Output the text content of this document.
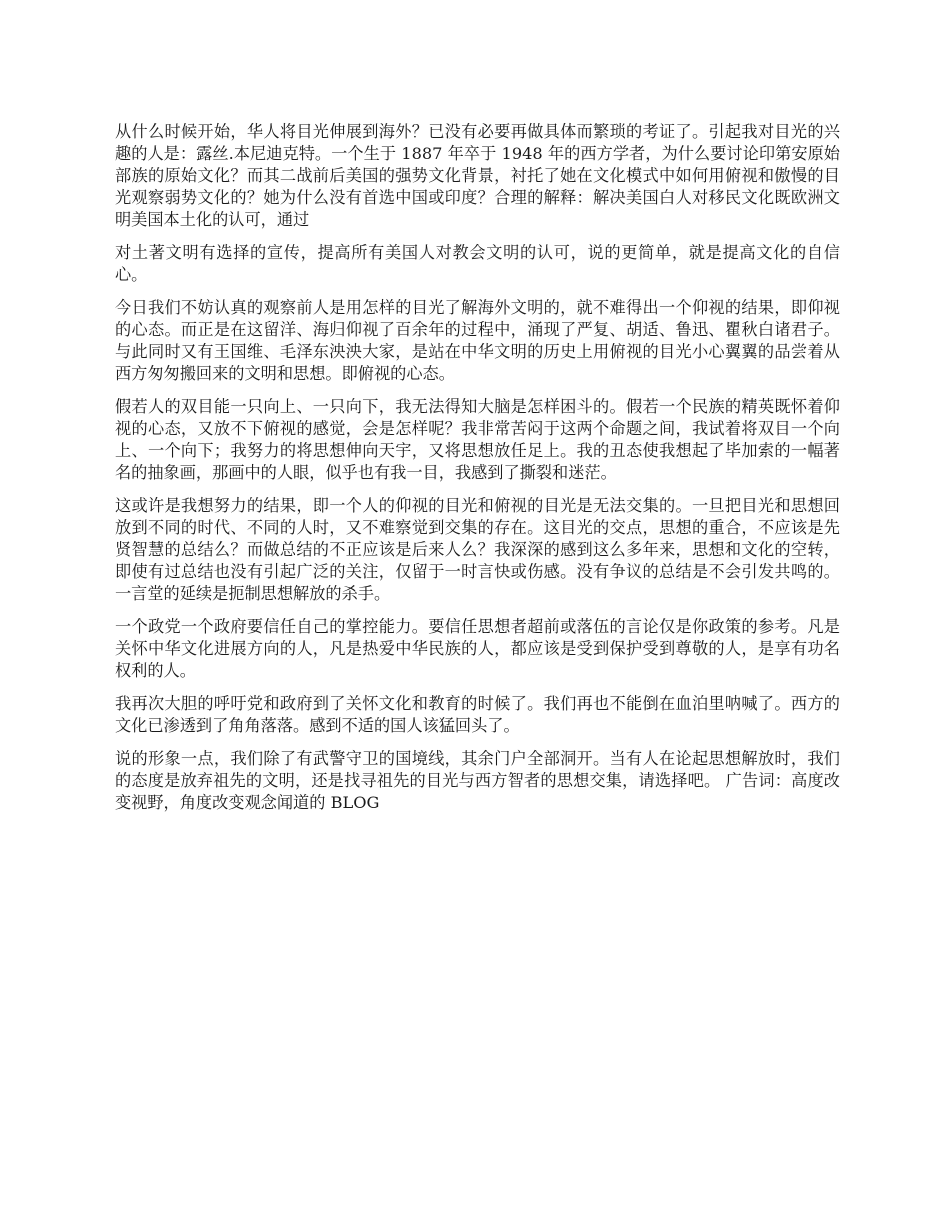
从什么时候开始，华人将目光伸展到海外？已没有必要再做具体而繁琐的考证了。引起我对目光的兴趣的人是：露丝.本尼迪克特。一个生于 1887 年卒于 1948 年的西方学者，为什么要讨论印第安原始部族的原始文化？而其二战前后美国的强势文化背景，衬托了她在文化模式中如何用俯视和傲慢的目光观察弱势文化的？她为什么没有首选中国或印度？合理的解释：解决美国白人对移民文化既欧洲文明美国本土化的认可，通过

对土著文明有选择的宣传，提高所有美国人对教会文明的认可，说的更简单，就是提高文化的自信心。

今日我们不妨认真的观察前人是用怎样的目光了解海外文明的，就不难得出一个仰视的结果，即仰视的心态。而正是在这留洋、海归仰视了百余年的过程中，涌现了严复、胡适、鲁迅、瞿秋白诸君子。与此同时又有王国维、毛泽东泱泱大家，是站在中华文明的历史上用俯视的目光小心翼翼的品尝着从西方匆匆搬回来的文明和思想。即俯视的心态。

假若人的双目能一只向上、一只向下，我无法得知大脑是怎样困斗的。假若一个民族的精英既怀着仰视的心态，又放不下俯视的感觉，会是怎样呢？我非常苦闷于这两个命题之间，我试着将双目一个向上、一个向下；我努力的将思想伸向天宇，又将思想放任足上。我的丑态使我想起了毕加索的一幅著名的抽象画，那画中的人眼，似乎也有我一目，我感到了撕裂和迷茫。

这或许是我想努力的结果，即一个人的仰视的目光和俯视的目光是无法交集的。一旦把目光和思想回放到不同的时代、不同的人时，又不难察觉到交集的存在。这目光的交点，思想的重合，不应该是先贤智慧的总结么？而做总结的不正应该是后来人么？我深深的感到这么多年来，思想和文化的空转，即使有过总结也没有引起广泛的关注，仅留于一时言快或伤感。没有争议的总结是不会引发共鸣的。一言堂的延续是扼制思想解放的杀手。

一个政党一个政府要信任自己的掌控能力。要信任思想者超前或落伍的言论仅是你政策的参考。凡是关怀中华文化进展方向的人，凡是热爱中华民族的人，都应该是受到保护受到尊敬的人，是享有功名权利的人。

我再次大胆的呼吁党和政府到了关怀文化和教育的时候了。我们再也不能倒在血泊里呐喊了。西方的文化已渗透到了角角落落。感到不适的国人该猛回头了。

说的形象一点，我们除了有武警守卫的国境线，其余门户全部洞开。当有人在论起思想解放时，我们的态度是放弃祖先的文明，还是找寻祖先的目光与西方智者的思想交集，请选择吧。 广告词：高度改变视野，角度改变观念闻道的 BLOG
